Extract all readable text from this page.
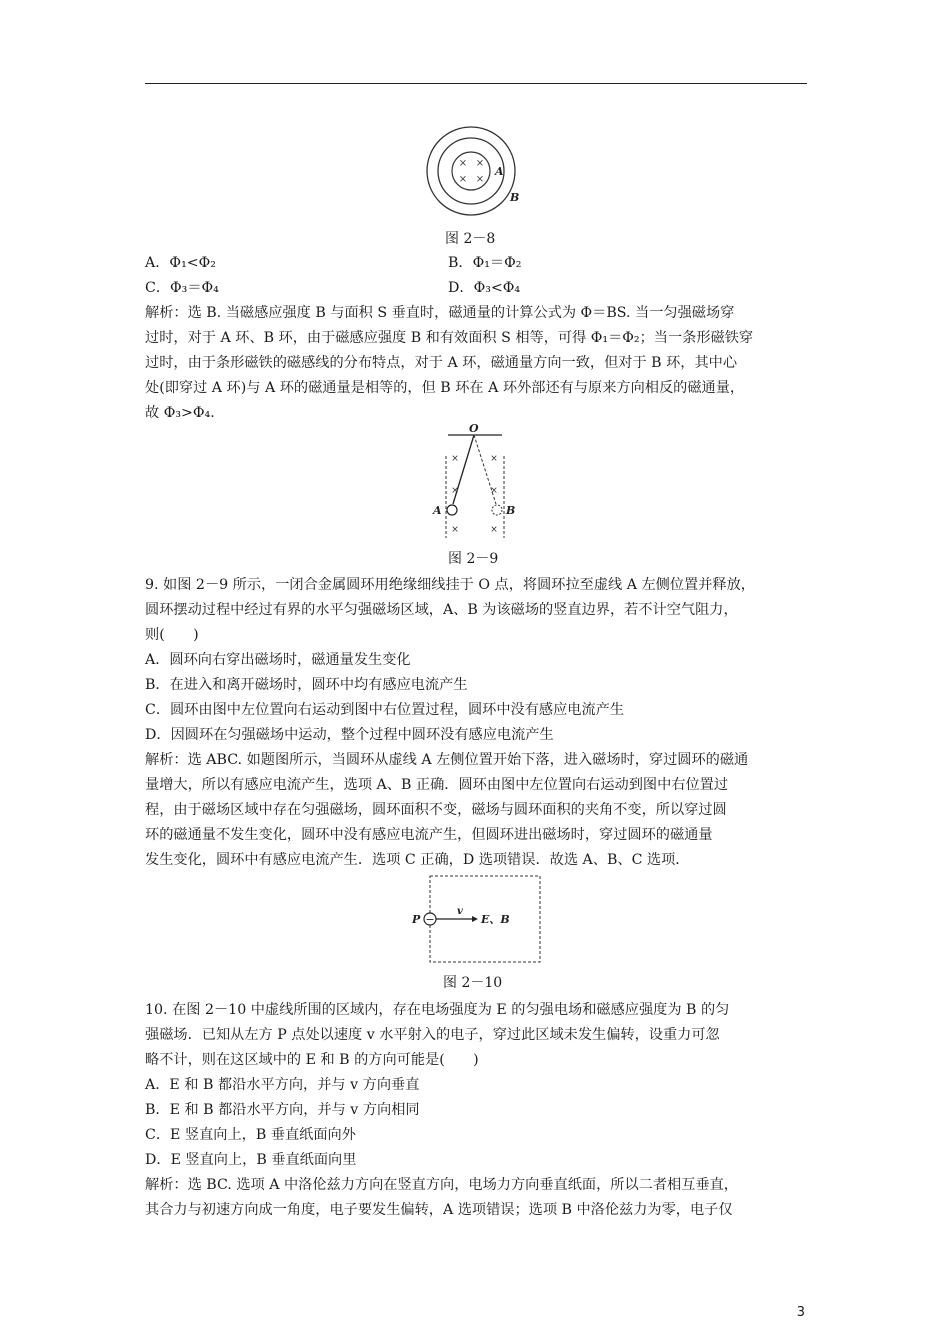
× ×
× ×
A
B
图 2－8
A．Φ₁<Φ₂	B．Φ₁＝Φ₂
C．Φ₃＝Φ₄	D．Φ₃<Φ₄
解析：选 B. 当磁感应强度 B 与面积 S 垂直时，磁通量的计算公式为 Φ＝BS. 当一匀强磁场穿
过时，对于 A 环、B 环，由于磁感应强度 B 和有效面积 S 相等，可得 Φ₁＝Φ₂；当一条形磁铁穿
过时，由于条形磁铁的磁感线的分布特点，对于 A 环，磁通量方向一致，但对于 B 环，其中心
处(即穿过 A 环)与 A 环的磁通量是相等的，但 B 环在 A 环外部还有与原来方向相反的磁通量，
故 Φ₃>Φ₄.
O
×	×
×	×
×	×
A	B
图 2－9
9. 如图 2－9 所示，一闭合金属圆环用绝缘细线挂于 O 点，将圆环拉至虚线 A 左侧位置并释放，
圆环摆动过程中经过有界的水平匀强磁场区域，A、B 为该磁场的竖直边界，若不计空气阻力，
则(　　)
A．圆环向右穿出磁场时，磁通量发生变化
B．在进入和离开磁场时，圆环中均有感应电流产生
C．圆环由图中左位置向右运动到图中右位置过程，圆环中没有感应电流产生
D．因圆环在匀强磁场中运动，整个过程中圆环没有感应电流产生
解析：选 ABC. 如题图所示，当圆环从虚线 A 左侧位置开始下落，进入磁场时，穿过圆环的磁通
量增大，所以有感应电流产生，选项 A、B 正确．圆环由图中左位置向右运动到图中右位置过
程，由于磁场区域中存在匀强磁场，圆环面积不变，磁场与圆环面积的夹角不变，所以穿过圆
环的磁通量不发生变化，圆环中没有感应电流产生，但圆环进出磁场时，穿过圆环的磁通量
发生变化，圆环中有感应电流产生．选项 C 正确，D 选项错误．故选 A、B、C 选项．
P −
v
E、B
图 2－10
10. 在图 2－10 中虚线所围的区域内，存在电场强度为 E 的匀强电场和磁感应强度为 B 的匀
强磁场．已知从左方 P 点处以速度 v 水平射入的电子，穿过此区域未发生偏转，设重力可忽
略不计，则在这区域中的 E 和 B 的方向可能是(　　)
A．E 和 B 都沿水平方向，并与 v 方向垂直
B．E 和 B 都沿水平方向，并与 v 方向相同
C．E 竖直向上，B 垂直纸面向外
D．E 竖直向上，B 垂直纸面向里
解析：选 BC. 选项 A 中洛伦兹力方向在竖直方向，电场力方向垂直纸面，所以二者相互垂直，
其合力与初速方向成一角度，电子要发生偏转，A 选项错误；选项 B 中洛伦兹力为零，电子仅
3
